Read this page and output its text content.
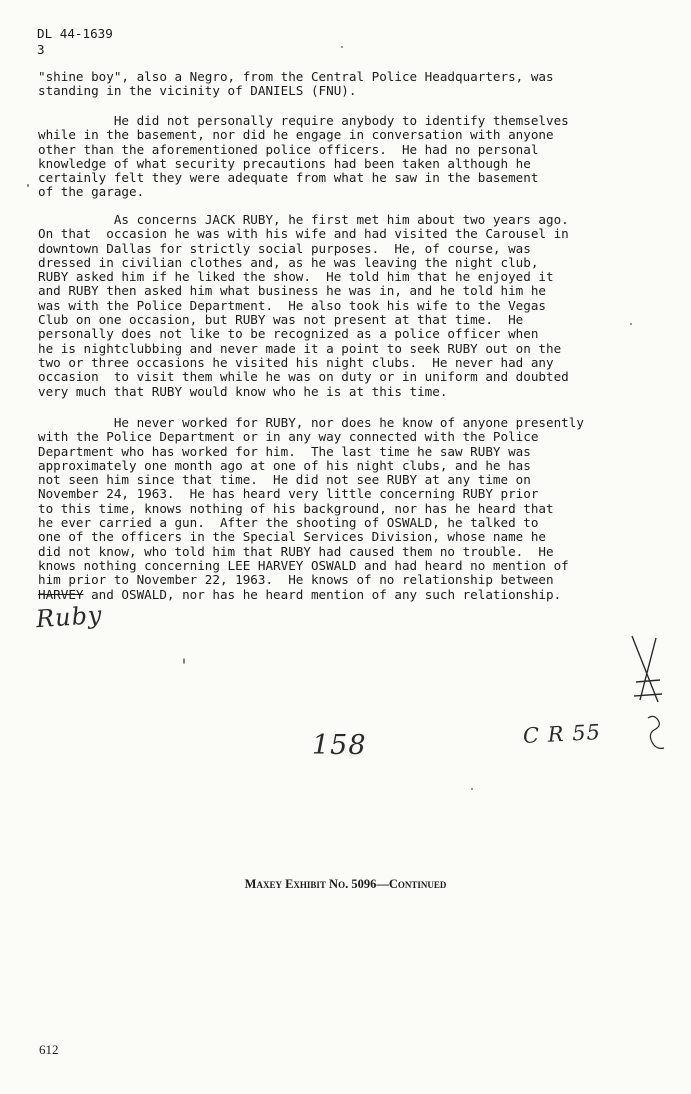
DL 44-1639
3

"shine boy", also a Negro, from the Central Police Headquarters, was
standing in the vicinity of DANIELS (FNU).

He did not personally require anybody to identify themselves
while in the basement, nor did he engage in conversation with anyone
other than the aforementioned police officers.  He had no personal
knowledge of what security precautions had been taken although he
certainly felt they were adequate from what he saw in the basement
of the garage.

As concerns JACK RUBY, he first met him about two years ago.
On that  occasion he was with his wife and had visited the Carousel in
downtown Dallas for strictly social purposes.  He, of course, was
dressed in civilian clothes and, as he was leaving the night club,
RUBY asked him if he liked the show.  He told him that he enjoyed it
and RUBY then asked him what business he was in, and he told him he
was with the Police Department.  He also took his wife to the Vegas
Club on one occasion, but RUBY was not present at that time.  He
personally does not like to be recognized as a police officer when
he is nightclubbing and never made it a point to seek RUBY out on the
two or three occasions he visited his night clubs.  He never had any
occasion  to visit them while he was on duty or in uniform and doubted
very much that RUBY would know who he is at this time.

He never worked for RUBY, nor does he know of anyone presently
with the Police Department or in any way connected with the Police
Department who has worked for him.  The last time he saw RUBY was
approximately one month ago at one of his night clubs, and he has
not seen him since that time.  He did not see RUBY at any time on
November 24, 1963.  He has heard very little concerning RUBY prior
to this time, knows nothing of his background, nor has he heard that
he ever carried a gun.  After the shooting of OSWALD, he talked to
one of the officers in the Special Services Division, whose name he
did not know, who told him that RUBY had caused them no trouble.  He
knows nothing concerning LEE HARVEY OSWALD and had heard no mention of
him prior to November 22, 1963.  He knows of no relationship between

HARVEY and OSWALD, nor has he heard mention of any such relationship.

Ruby
158	C R 55
Maxey Exhibit No. 5096—Continued
612
